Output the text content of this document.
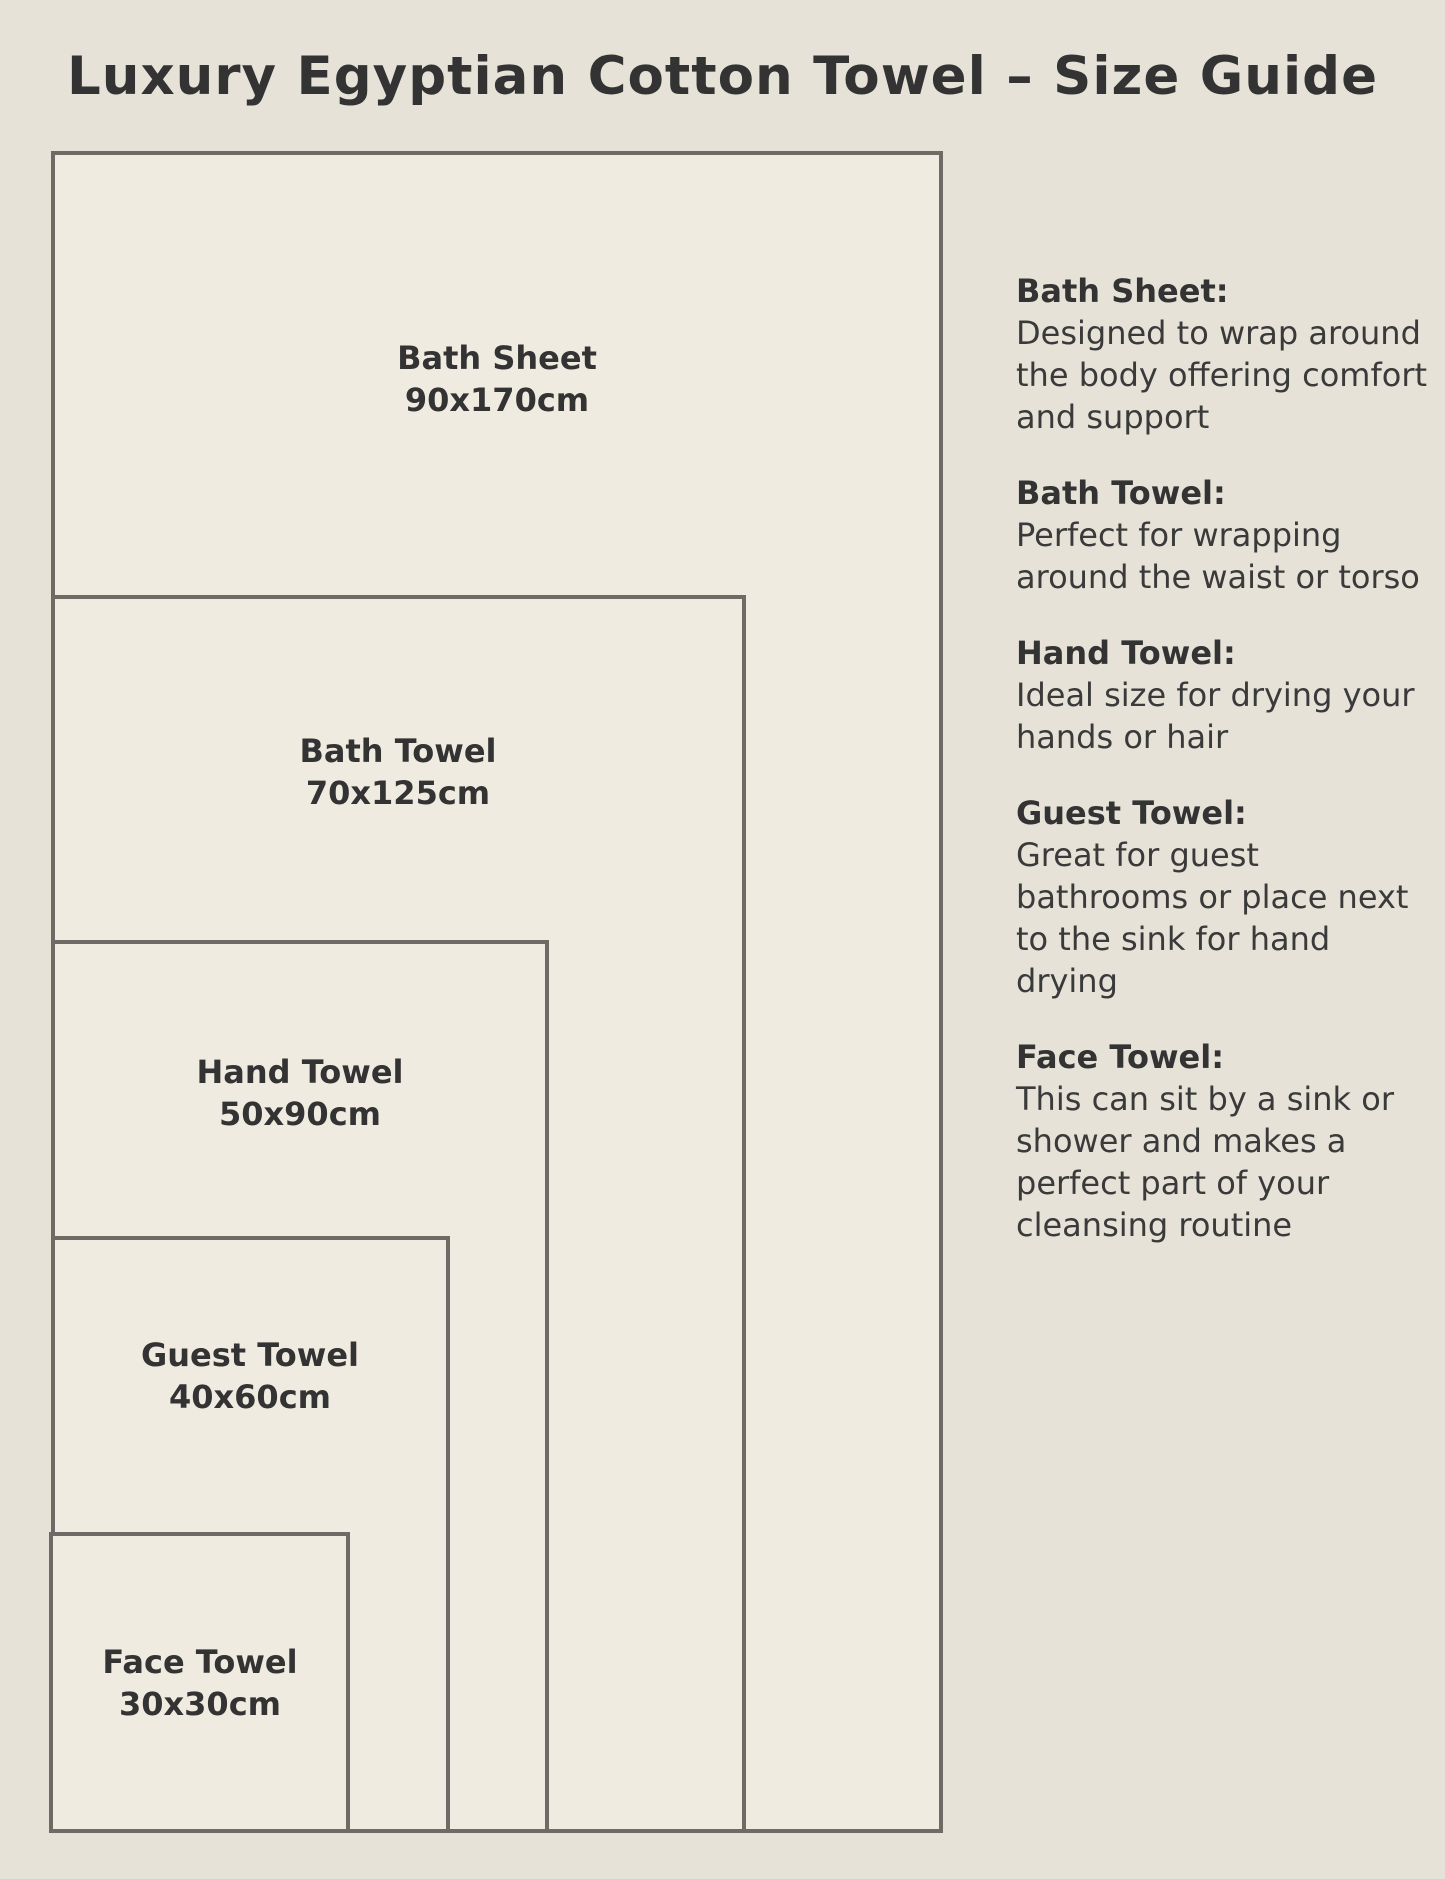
Luxury Egyptian Cotton Towel – Size Guide
Bath Sheet
90x170cm
Bath Towel
70x125cm
Hand Towel
50x90cm
Guest Towel
40x60cm
Face Towel
30x30cm
Bath Sheet:
Designed to wrap around the body offering comfort and support
Bath Towel:
Perfect for wrapping around the waist or torso
Hand Towel:
Ideal size for drying your hands or hair
Guest Towel:
Great for guest bathrooms or place next to the sink for hand drying
Face Towel:
This can sit by a sink or shower and makes a perfect part of your cleansing routine
